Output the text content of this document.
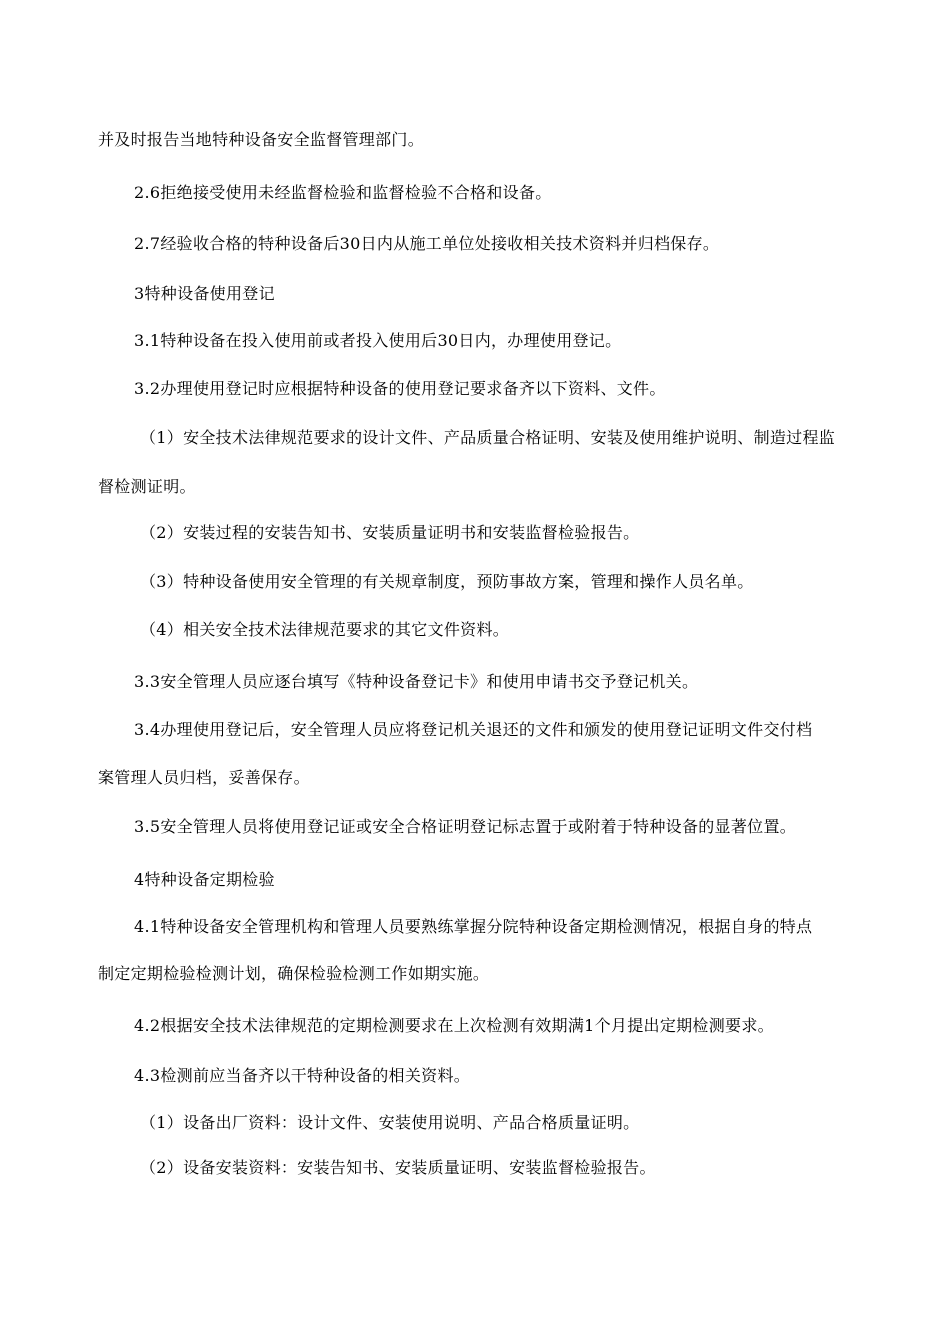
并及时报告当地特种设备安全监督管理部门。
2.6拒绝接受使用未经监督检验和监督检验不合格和设备。
2.7经验收合格的特种设备后30日内从施工单位处接收相关技术资料并归档保存。
3特种设备使用登记
3.1特种设备在投入使用前或者投入使用后30日内，办理使用登记。
3.2办理使用登记时应根据特种设备的使用登记要求备齐以下资料、文件。
（1）安全技术法律规范要求的设计文件、产品质量合格证明、安装及使用维护说明、制造过程监
督检测证明。
（2）安装过程的安装告知书、安装质量证明书和安装监督检验报告。
（3）特种设备使用安全管理的有关规章制度，预防事故方案，管理和操作人员名单。
（4）相关安全技术法律规范要求的其它文件资料。
3.3安全管理人员应逐台填写《特种设备登记卡》和使用申请书交予登记机关。
3.4办理使用登记后，安全管理人员应将登记机关退还的文件和颁发的使用登记证明文件交付档
案管理人员归档，妥善保存。
3.5安全管理人员将使用登记证或安全合格证明登记标志置于或附着于特种设备的显著位置。
4特种设备定期检验
4.1特种设备安全管理机构和管理人员要熟练掌握分院特种设备定期检测情况，根据自身的特点
制定定期检验检测计划，确保检验检测工作如期实施。
4.2根据安全技术法律规范的定期检测要求在上次检测有效期满1个月提出定期检测要求。
4.3检测前应当备齐以干特种设备的相关资料。
（1）设备出厂资料：设计文件、安装使用说明、产品合格质量证明。
（2）设备安装资料：安装告知书、安装质量证明、安装监督检验报告。
